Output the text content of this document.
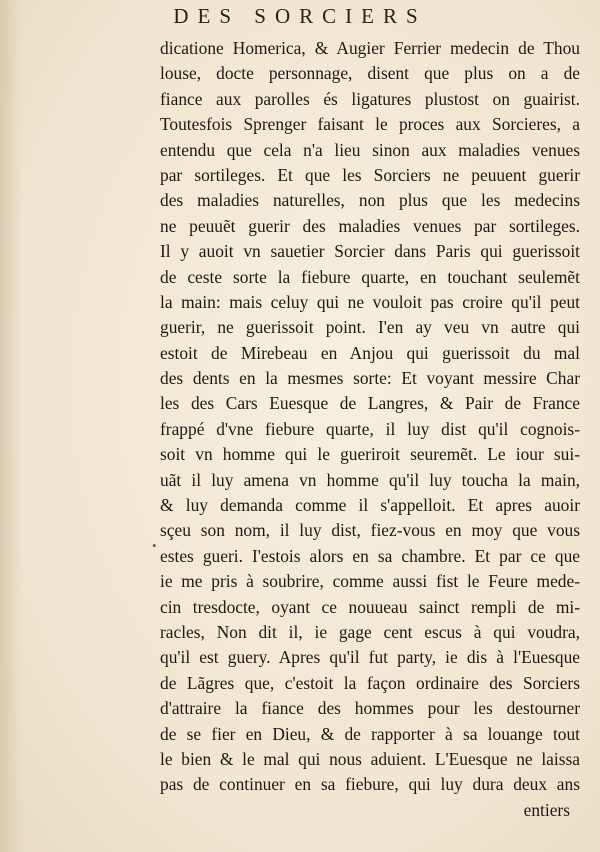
DES SORCIERS
•
dicatione Homerica, & Augier Ferrier medecin de Thou
louse, docte personnage, disent que plus on a de
fiance aux parolles és ligatures plustost on guairist.
Toutesfois Sprenger faisant le proces aux Sorcieres, a
entendu que cela n'a lieu sinon aux maladies venues
par sortileges. Et que les Sorciers ne peuuent guerir
des maladies naturelles, non plus que les medecins
ne peuuẽt guerir des maladies venues par sortileges.
Il y auoit vn sauetier Sorcier dans Paris qui guerissoit
de ceste sorte la fiebure quarte, en touchant seulemẽt
la main: mais celuy qui ne vouloit pas croire qu'il peut
guerir, ne guerissoit point. I'en ay veu vn autre qui
estoit de Mirebeau en Anjou qui guerissoit du mal
des dents en la mesmes sorte: Et voyant messire Char
les des Cars Euesque de Langres, & Pair de France
frappé d'vne fiebure quarte, il luy dist qu'il cognois-
soit vn homme qui le gueriroit seuremẽt. Le iour sui-
uãt il luy amena vn homme qu'il luy toucha la main,
& luy demanda comme il s'appelloit. Et apres auoir
sçeu son nom, il luy dist, fiez-vous en moy que vous
estes gueri. I'estois alors en sa chambre. Et par ce que
ie me pris à soubrire, comme aussi fist le Feure mede-
cin tresdocte, oyant ce nouueau sainct rempli de mi-
racles, Non dit il, ie gage cent escus à qui voudra,
qu'il est guery. Apres qu'il fut party, ie dis à l'Euesque
de Lãgres que, c'estoit la façon ordinaire des Sorciers
d'attraire la fiance des hommes pour les destourner
de se fier en Dieu, & de rapporter à sa louange tout
le bien & le mal qui nous aduient. L'Euesque ne laissa
pas de continuer en sa fiebure, qui luy dura deux ans
entiers
